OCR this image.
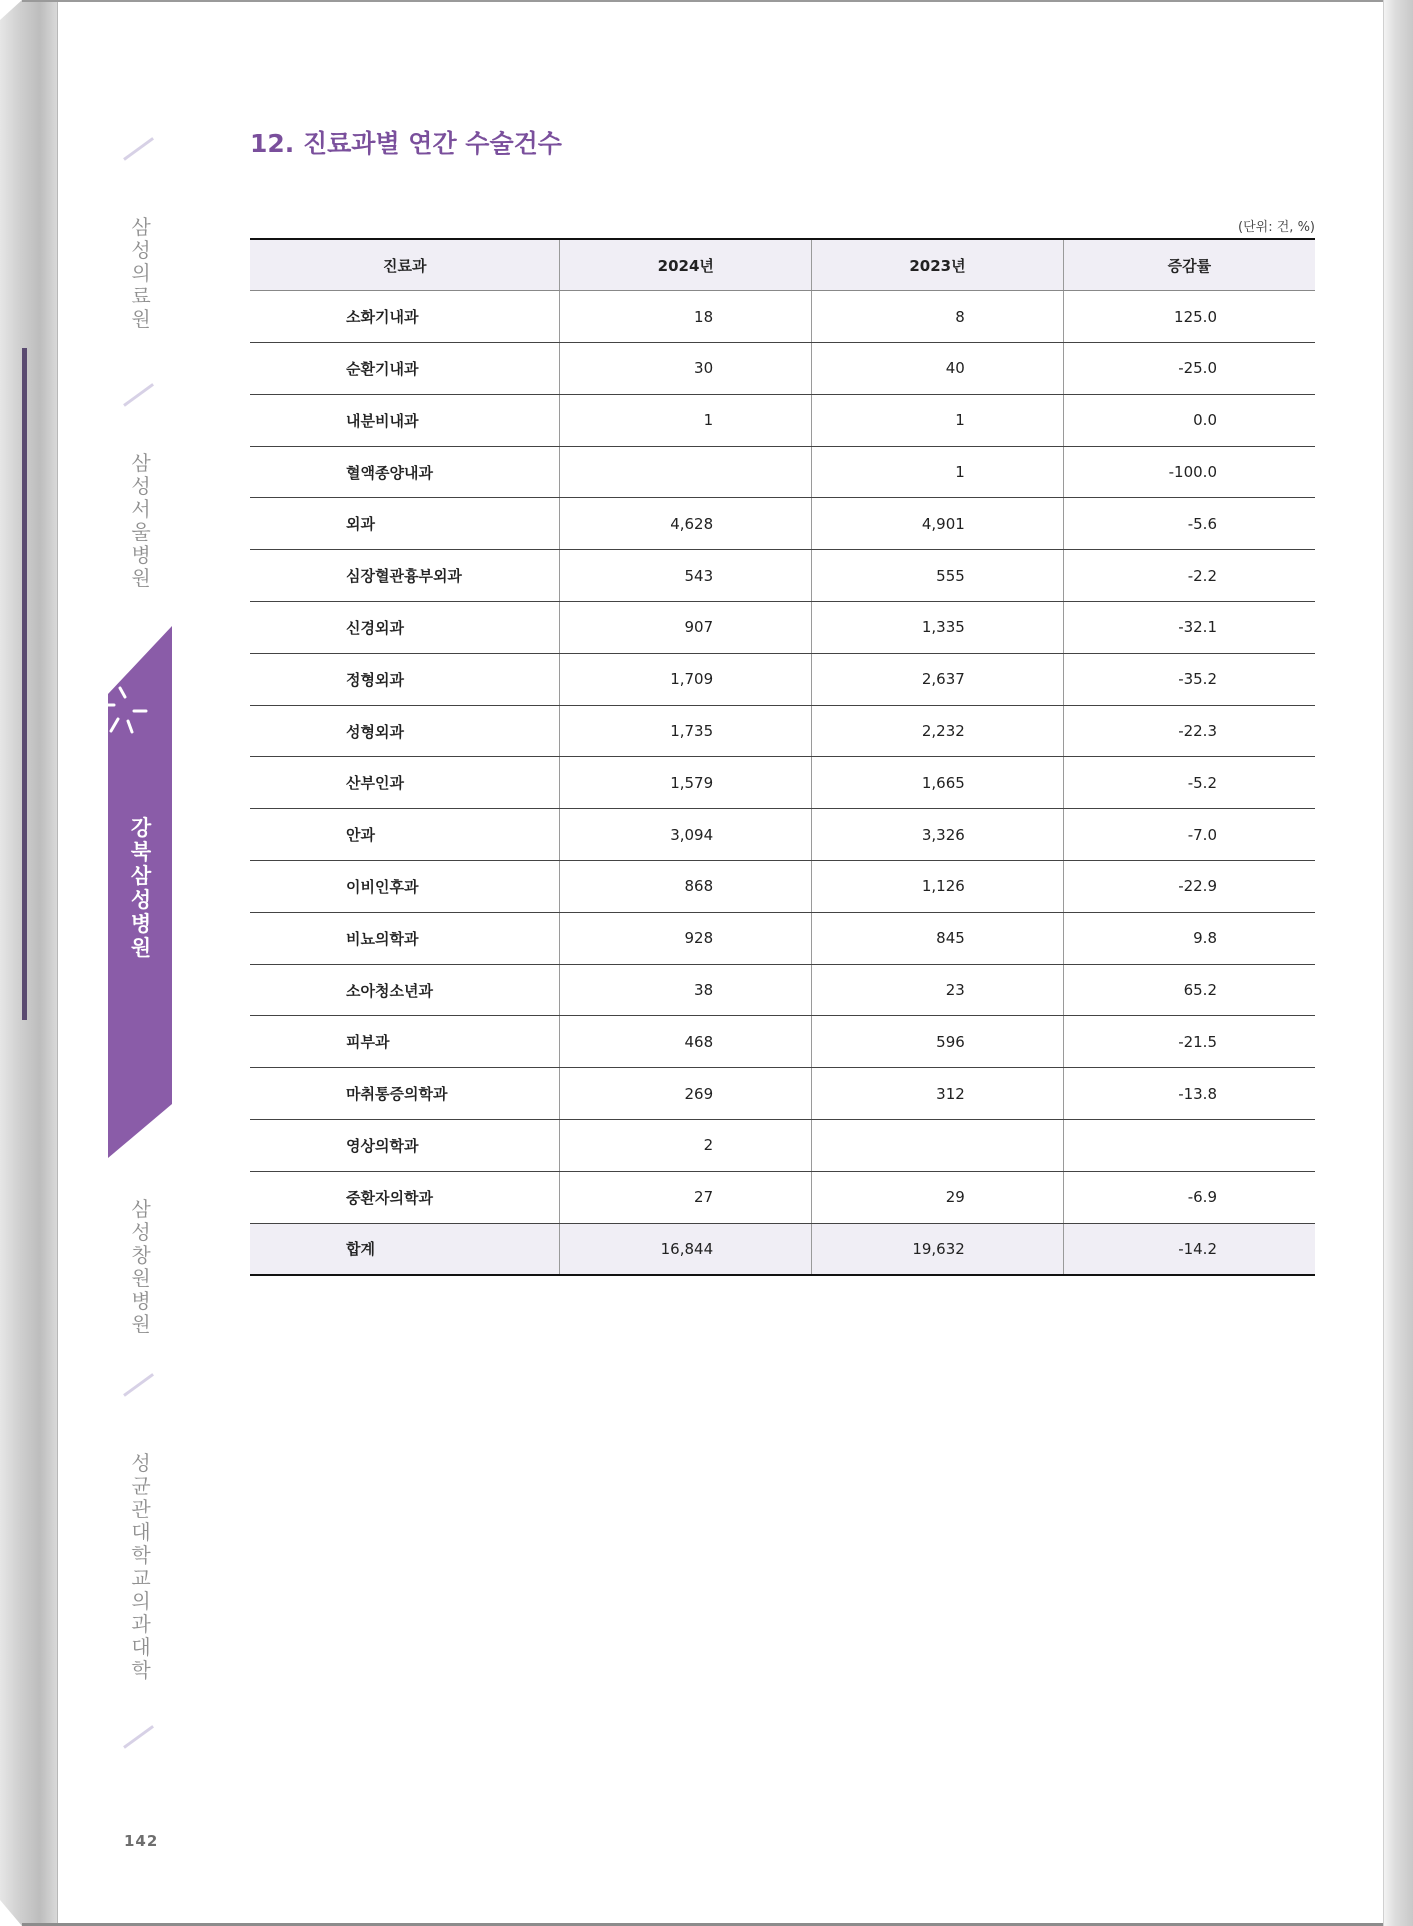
삼성의료원
삼성서울병원
강북삼성병원
삼성창원병원
성균관대학교 의과대학
142
12. 진료과별 연간 수술건수
(단위: 건, %)
진료과	2024년	2023년	증감률
소화기내과	18	8	125.0
순환기내과	30	40	-25.0
내분비내과	1	1	0.0
혈액종양내과		1	-100.0
외과	4,628	4,901	-5.6
심장혈관흉부외과	543	555	-2.2
신경외과	907	1,335	-32.1
정형외과	1,709	2,637	-35.2
성형외과	1,735	2,232	-22.3
산부인과	1,579	1,665	-5.2
안과	3,094	3,326	-7.0
이비인후과	868	1,126	-22.9
비뇨의학과	928	845	9.8
소아청소년과	38	23	65.2
피부과	468	596	-21.5
마취통증의학과	269	312	-13.8
영상의학과	2		
중환자의학과	27	29	-6.9
합계	16,844	19,632	-14.2
